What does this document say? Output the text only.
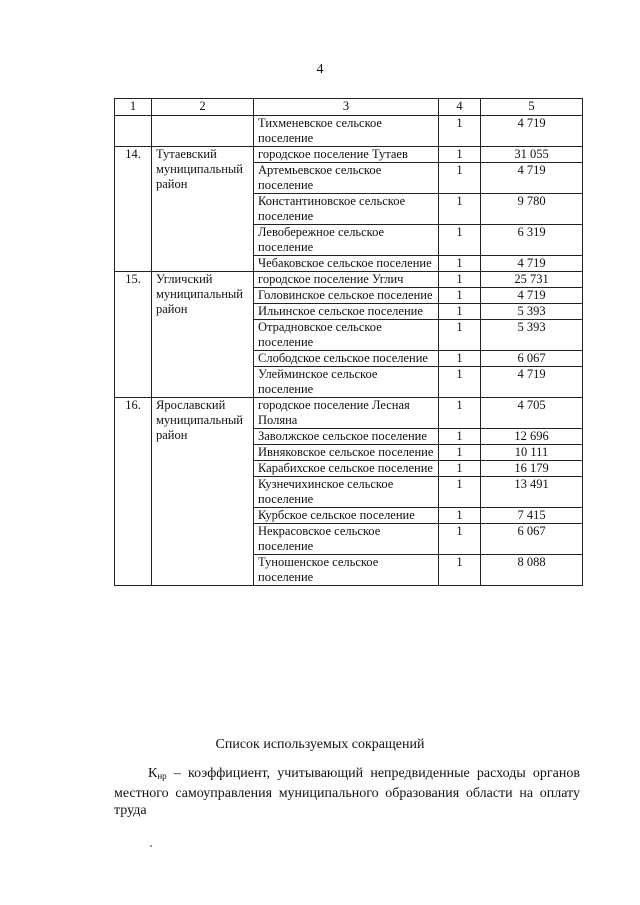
4
1	2	3	4	5
		Тихменевское сельское поселение	1	4 719
14.	Тутаевский муниципальный район	городское поселение Тутаев	1	31 055
		Артемьевское сельское поселение	1	4 719
		Константиновское сельское поселение	1	9 780
		Левобережное сельское поселение	1	6 319
		Чебаковское сельское поселение	1	4 719
15.	Угличский муниципальный район	городское поселение Углич	1	25 731
		Головинское сельское поселение	1	4 719
		Ильинское сельское поселение	1	5 393
		Отрадновское сельское поселение	1	5 393
		Слободское сельское поселение	1	6 067
		Улейминское сельское поселение	1	4 719
16.	Ярославский муниципальный район	городское поселение Лесная Поляна	1	4 705
		Заволжское сельское поселение	1	12 696
		Ивняковское сельское поселение	1	10 111
		Карабихское сельское поселение	1	16 179
		Кузнечихинское сельское поселение	1	13 491
		Курбское сельское поселение	1	7 415
		Некрасовское сельское поселение	1	6 067
		Туношенское сельское поселение	1	8 088
Список используемых сокращений
$К_{нр}$ – коэффициент, учитывающий непредвиденные расходы органов местного самоуправления муниципального образования области на оплату труда
